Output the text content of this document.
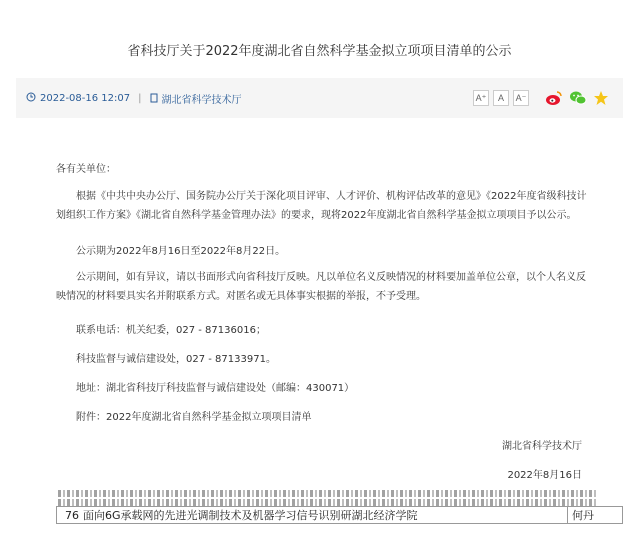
省科技厅关于2022年度湖北省自然科学基金拟立项项目清单的公示
2022-08-16 12:07 | 湖北省科学技术厅	A⁺	A	A⁻
各有关单位：
根据《中共中央办公厅、国务院办公厅关于深化项目评审、人才评价、机构评估改革的意见》《2022年度省级科技计划组织工作方案》《湖北省自然科学基金管理办法》的要求，现将2022年度湖北省自然科学基金拟立项项目予以公示。
公示期为2022年8月16日至2022年8月22日。
公示期间，如有异议，请以书面形式向省科技厅反映。凡以单位名义反映情况的材料要加盖单位公章，以个人名义反映情况的材料要具实名并附联系方式。对匿名或无具体事实根据的举报，不予受理。
联系电话：机关纪委，027 - 87136016；
科技监督与诚信建设处，027 - 87133971。
地址：湖北省科技厅科技监督与诚信建设处（邮编：430071）
附件：2022年度湖北省自然科学基金拟立项项目清单
湖北省科学技术厅
2022年8月16日
76 面向6G承载网的先进光调制技术及机器学习信号识别研湖北经济学院	何丹
